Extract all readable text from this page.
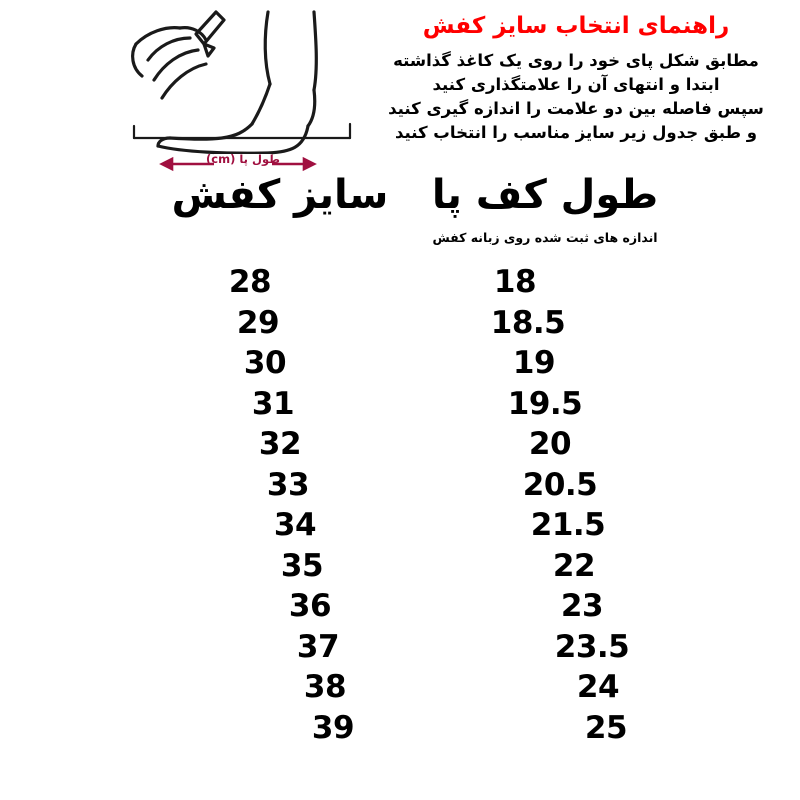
طول پا (cm)
راهنمای انتخاب سایز کفش
مطابق شکل پای خود را روی یک کاغذ گذاشته
ابتدا و انتهای آن را علامتگذاری کنید
سپس فاصله بین دو علامت را اندازه گیری کنید
و طبق جدول زیر سایز مناسب را انتخاب کنید
سایز کفش	طول کف پا
اندازه های ثبت شده روی زبانه کفش
28	18
29	18.5
30	19
31	19.5
32	20
33	20.5
34	21.5
35	22
36	23
37	23.5
38	24
39	25
